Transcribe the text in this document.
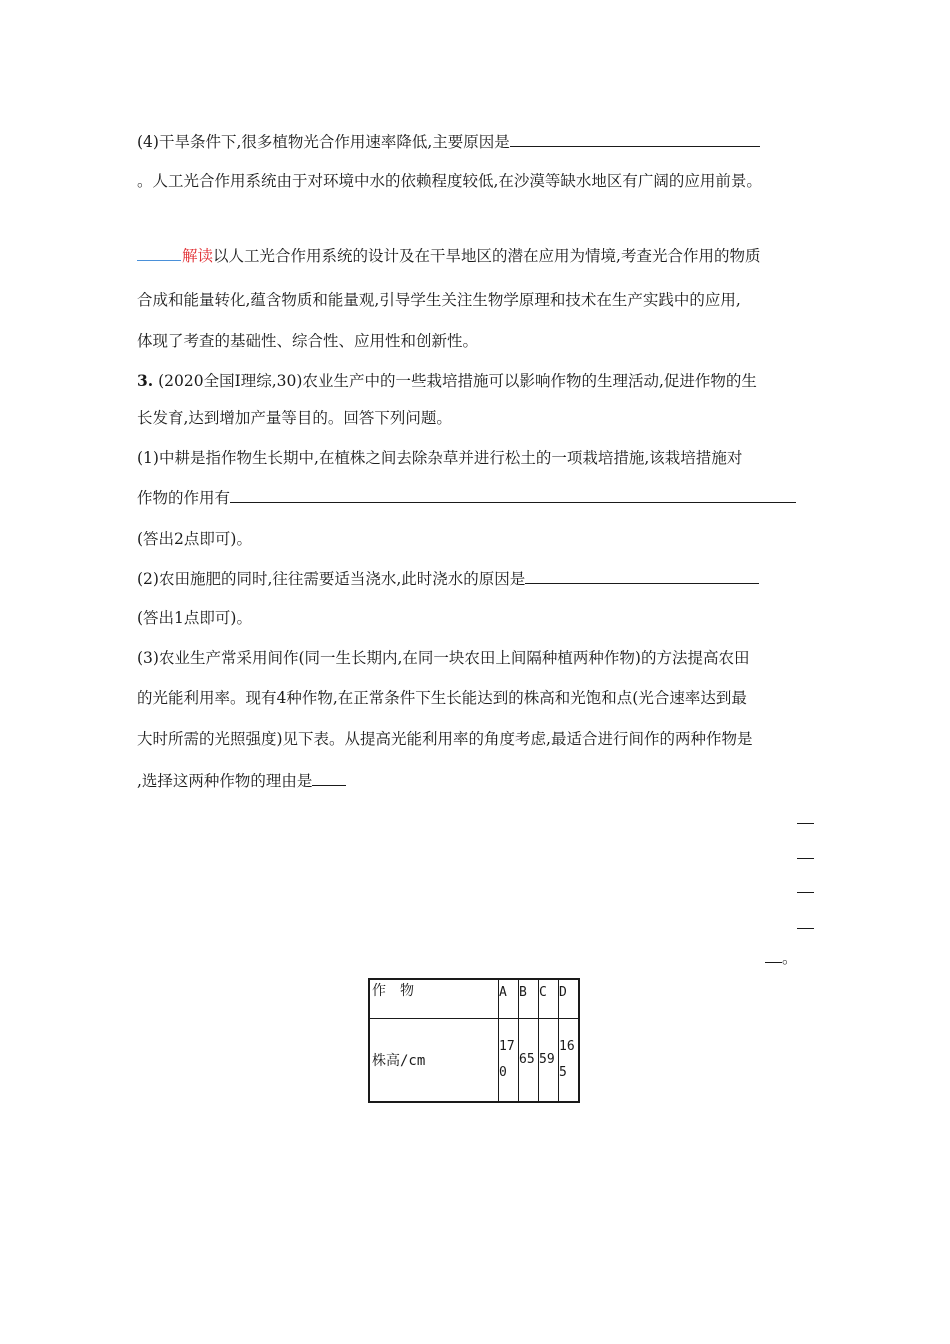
(4)干旱条件下,很多植物光合作用速率降低,主要原因是
。人工光合作用系统由于对环境中水的依赖程度较低,在沙漠等缺水地区有广阔的应用前景。
解读以人工光合作用系统的设计及在干旱地区的潜在应用为情境,考查光合作用的物质
合成和能量转化,蕴含物质和能量观,引导学生关注生物学原理和技术在生产实践中的应用,
体现了考查的基础性、综合性、应用性和创新性。
3. (2020全国Ⅰ理综,30)农业生产中的一些栽培措施可以影响作物的生理活动,促进作物的生
长发育,达到增加产量等目的。回答下列问题。
(1)中耕是指作物生长期中,在植株之间去除杂草并进行松土的一项栽培措施,该栽培措施对
作物的作用有
(答出2点即可)。
(2)农田施肥的同时,往往需要适当浇水,此时浇水的原因是
(答出1点即可)。
(3)农业生产常采用间作(同一生长期内,在同一块农田上间隔种植两种作物)的方法提高农田
的光能利用率。现有4种作物,在正常条件下生长能达到的株高和光饱和点(光合速率达到最
大时所需的光照强度)见下表。从提高光能利用率的角度考虑,最适合进行间作的两种作物是
,选择这两种作物的理由是
。
作　物	A	B	C	D
株高/cm	170	65	59	165
